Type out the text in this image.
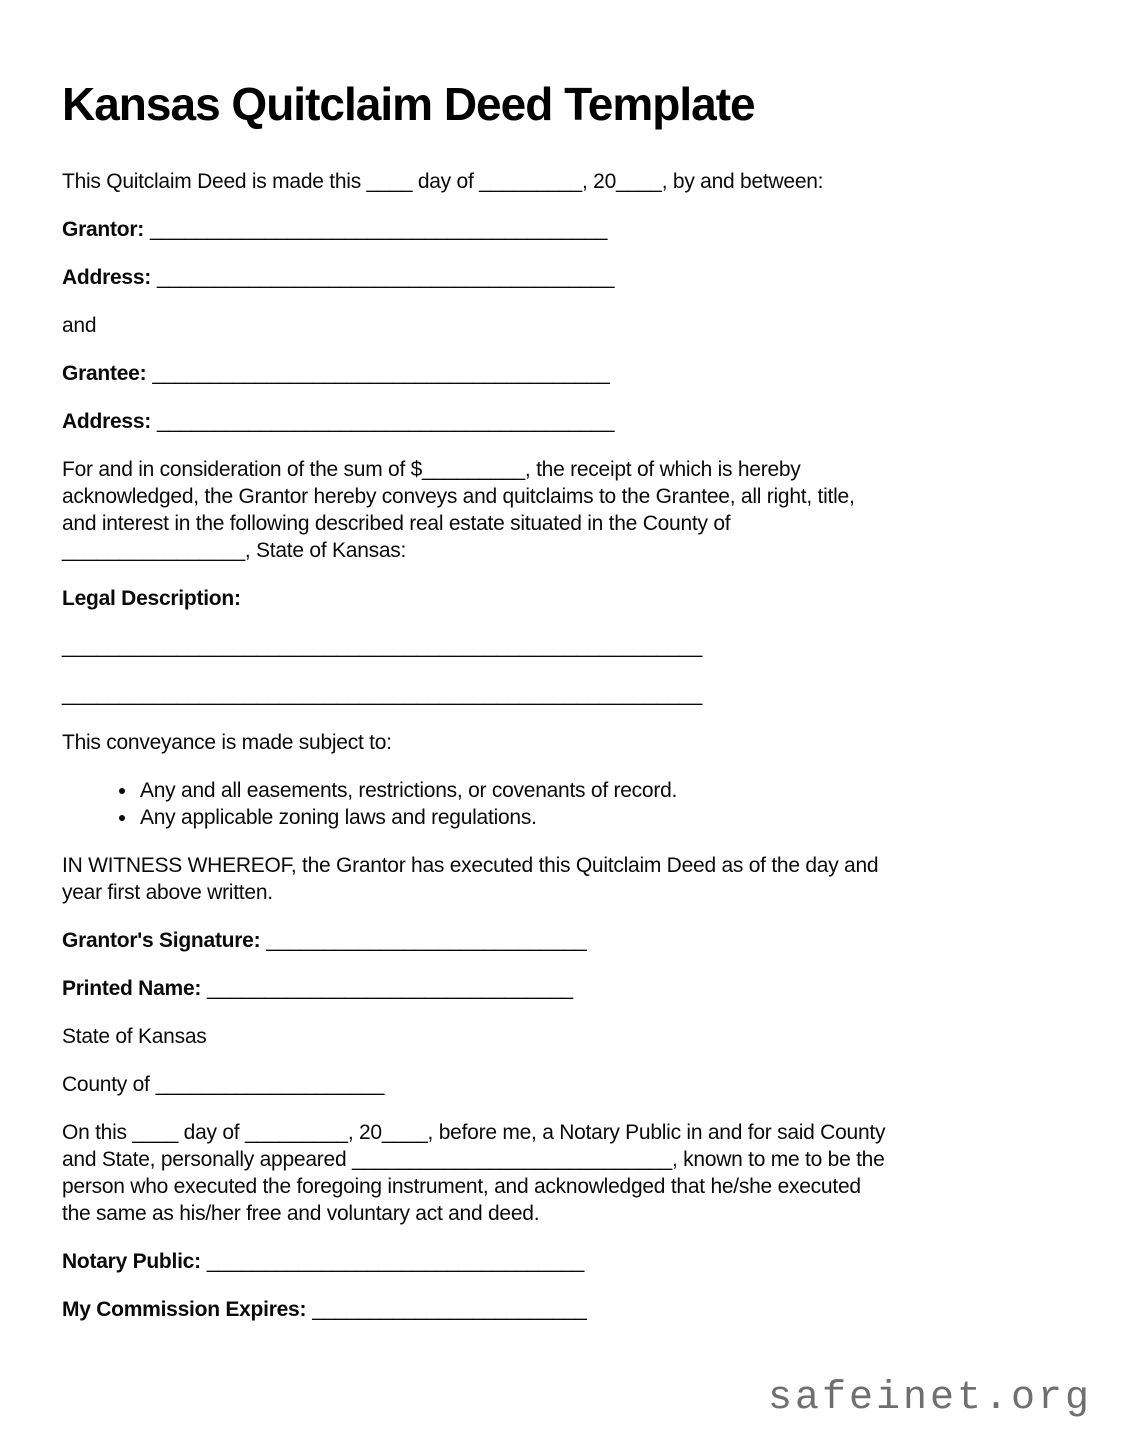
Kansas Quitclaim Deed Template

This Quitclaim Deed is made this ____ day of _________, 20____, by and between:

Grantor: ________________________________________

Address: ________________________________________

and

Grantee: ________________________________________

Address: ________________________________________

For and in consideration of the sum of $_________, the receipt of which is hereby
acknowledged, the Grantor hereby conveys and quitclaims to the Grantee, all right, title,
and interest in the following described real estate situated in the County of
________________, State of Kansas:

Legal Description:

________________________________________________________

________________________________________________________

This conveyance is made subject to:

• Any and all easements, restrictions, or covenants of record.
• Any applicable zoning laws and regulations.
IN WITNESS WHEREOF, the Grantor has executed this Quitclaim Deed as of the day and
year first above written.

Grantor's Signature: ____________________________

Printed Name: ________________________________

State of Kansas

County of ____________________

On this ____ day of _________, 20____, before me, a Notary Public in and for said County
and State, personally appeared ____________________________, known to me to be the
person who executed the foregoing instrument, and acknowledged that he/she executed
the same as his/her free and voluntary act and deed.

Notary Public: _________________________________

My Commission Expires: ________________________

safeinet.org
